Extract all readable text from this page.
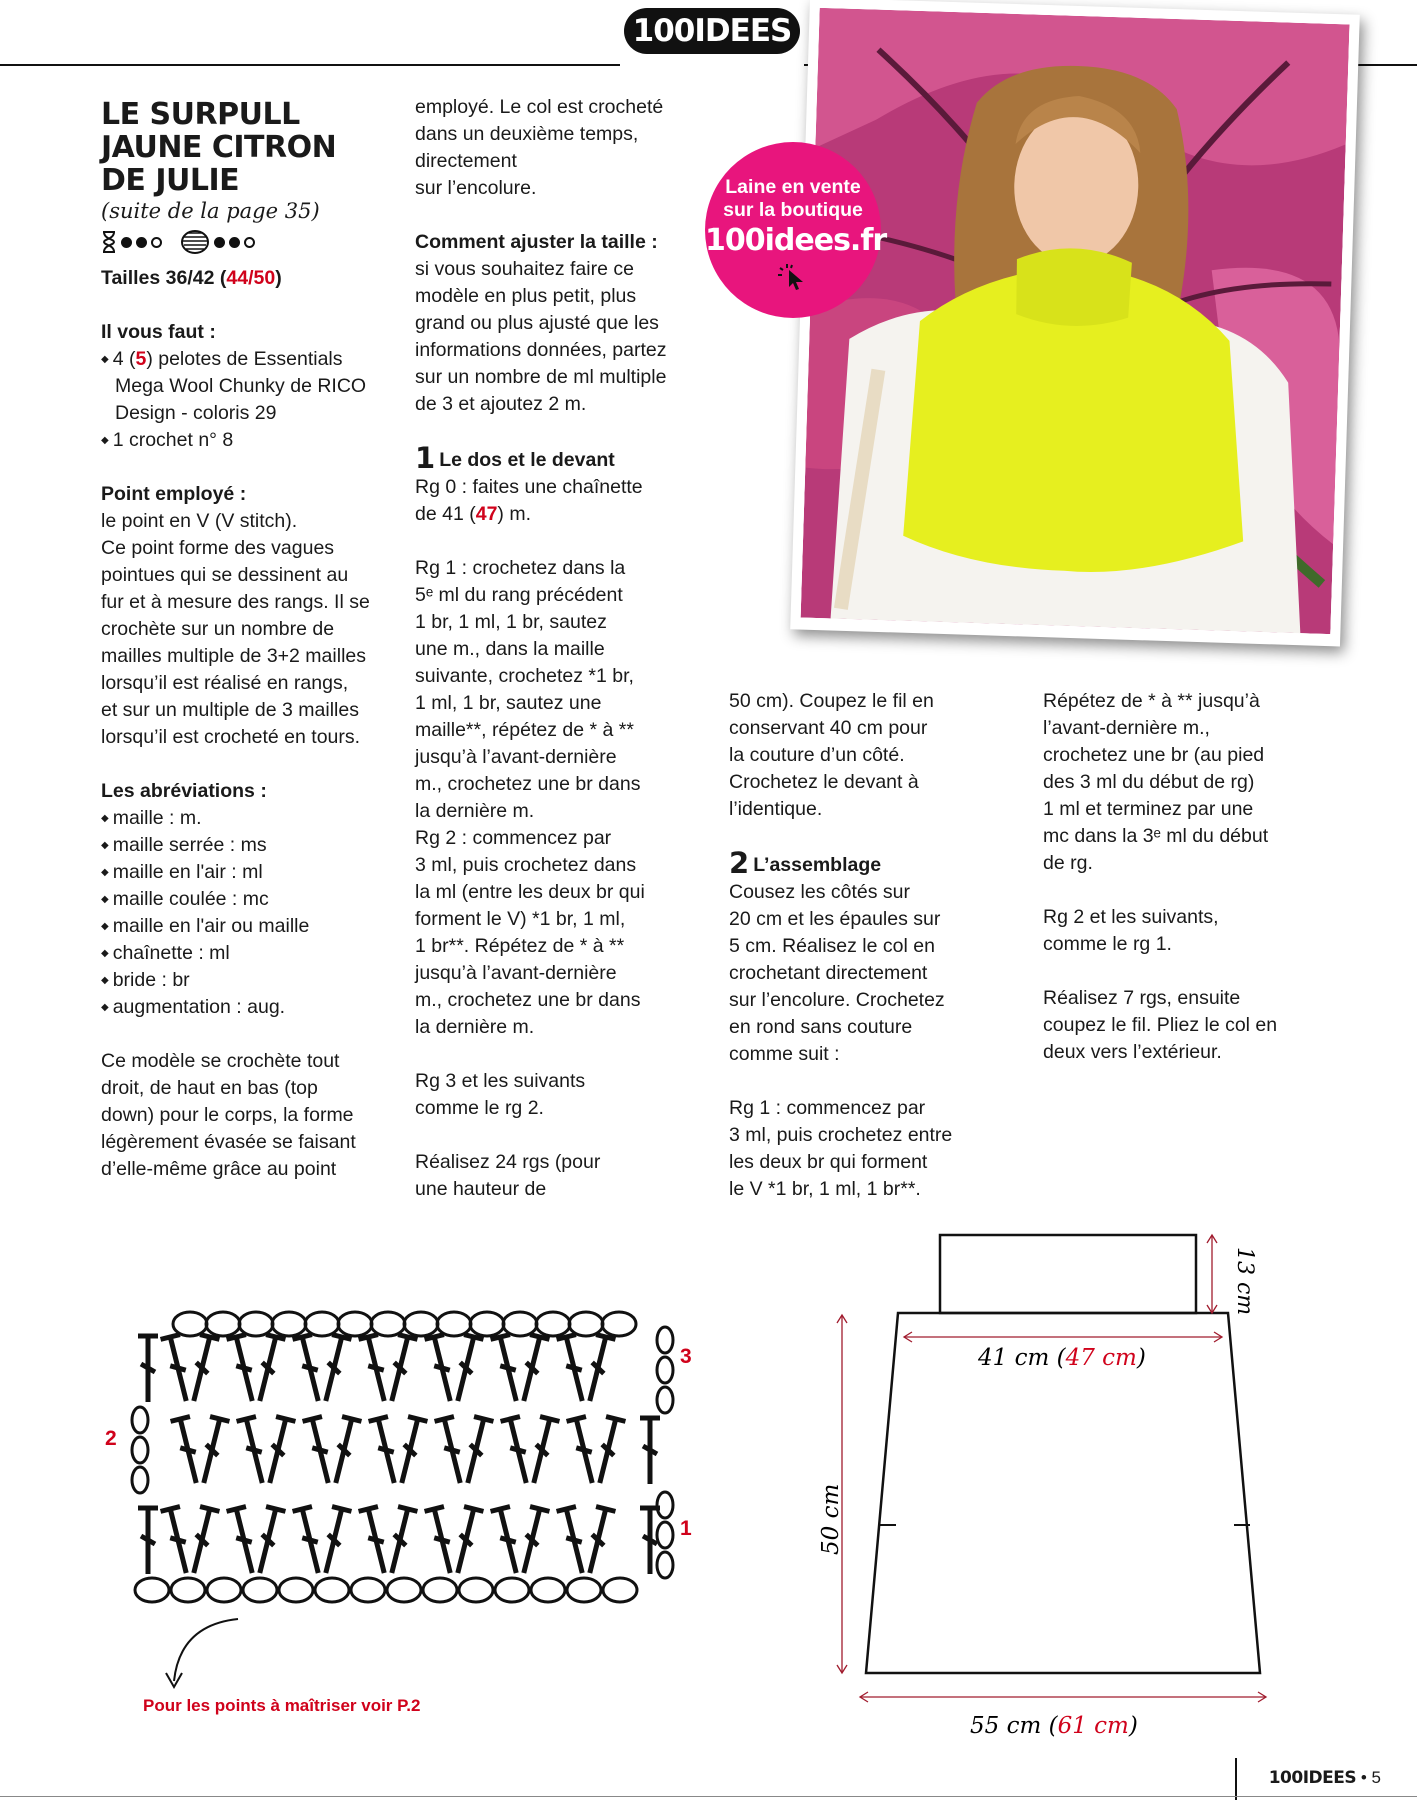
100IDEES

LE SURPULL

JAUNE CITRON

DE JULIE

(suite de la page 35)

Tailles 36/42 (44/50)

Il vous faut :

◆ 4 (5) pelotes de Essentials

Mega Wool Chunky de RICO

Design - coloris 29

◆ 1 crochet n° 8

Point employé :

le point en V (V stitch).

Ce point forme des vagues

pointues qui se dessinent au

fur et à mesure des rangs. Il se

crochète sur un nombre de

mailles multiple de 3+2 mailles

lorsqu’il est réalisé en rangs,

et sur un multiple de 3 mailles

lorsqu’il est crocheté en tours.

Les abréviations :

◆ maille : m.

◆ maille serrée : ms

◆ maille en l'air : ml

◆ maille coulée : mc

◆ maille en l'air ou maille

◆ chaînette : ml

◆ bride : br

◆ augmentation : aug.

Ce modèle se crochète tout

droit, de haut en bas (top

down) pour le corps, la forme

légèrement évasée se faisant

d’elle-même grâce au point

employé. Le col est crocheté

dans un deuxième temps,

directement

sur l’encolure.

Comment ajuster la taille :

si vous souhaitez faire ce

modèle en plus petit, plus

grand ou plus ajusté que les

informations données, partez

sur un nombre de ml multiple

de 3 et ajoutez 2 m.

1 Le dos et le devant

Rg 0 : faites une chaînette

de 41 (47) m.

Rg 1 : crochetez dans la

5ᵉ ml du rang précédent

1 br, 1 ml, 1 br, sautez

une m., dans la maille

suivante, crochetez *1 br,

1 ml, 1 br, sautez une

maille**, répétez de * à **

jusqu’à l’avant-dernière

m., crochetez une br dans

la dernière m.

Rg 2 : commencez par

3 ml, puis crochetez dans

la ml (entre les deux br qui

forment le V) *1 br, 1 ml,

1 br**. Répétez de * à **

jusqu’à l’avant-dernière

m., crochetez une br dans

la dernière m.

Rg 3 et les suivants

comme le rg 2.

Réalisez 24 rgs (pour

une hauteur de

50 cm). Coupez le fil en

conservant 40 cm pour

la couture d’un côté.

Crochetez le devant à

l’identique.

2 L’assemblage

Cousez les côtés sur

20 cm et les épaules sur

5 cm. Réalisez le col en

crochetant directement

sur l’encolure. Crochetez

en rond sans couture

comme suit :

Rg 1 : commencez par

3 ml, puis crochetez entre

les deux br qui forment

le V *1 br, 1 ml, 1 br**.

Répétez de * à ** jusqu’à

l’avant-dernière m.,

crochetez une br (au pied

des 3 ml du début de rg)

1 ml et terminez par une

mc dans la 3ᵉ ml du début

de rg.

Rg 2 et les suivants,

comme le rg 1.

Réalisez 7 rgs, ensuite

coupez le fil. Pliez le col en

deux vers l’extérieur.

Laine en vente
sur la boutique
100idees.fr
3
2
1
Pour les points à maîtriser voir P.2
13 cm
41 cm (47 cm)
50 cm
55 cm (61 cm)
100IDEES • 5
